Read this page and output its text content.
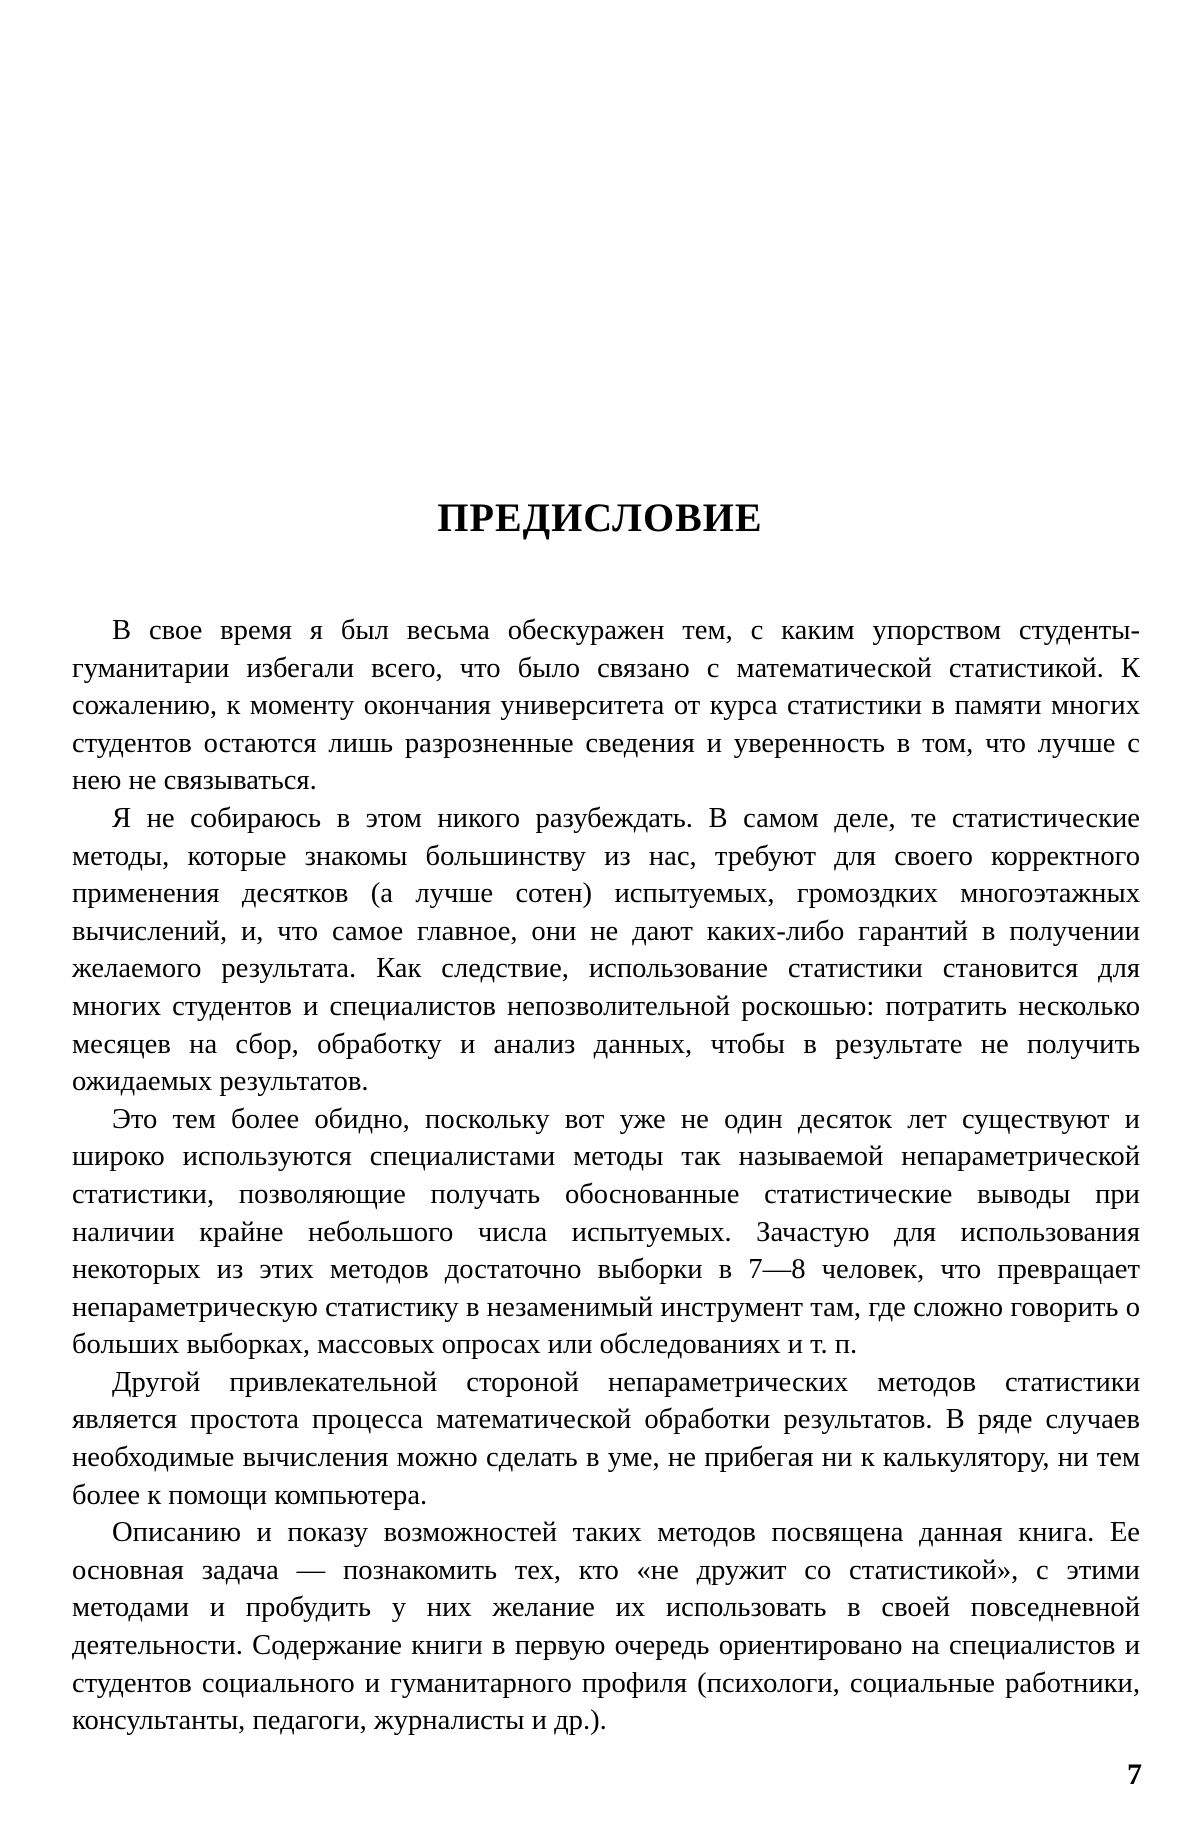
ПРЕДИСЛОВИЕ

В свое время я был весьма обескуражен тем, с каким упорством студенты-гуманитарии избегали всего, что было связано с математической статистикой. К сожалению, к моменту окончания университета от курса статистики в памяти многих студентов остаются лишь разрозненные сведения и уверенность в том, что лучше с нею не связываться.

Я не собираюсь в этом никого разубеждать. В самом деле, те статистические методы, которые знакомы большинству из нас, требуют для своего корректного применения десятков (а лучше сотен) испытуемых, громоздких многоэтажных вычислений, и, что самое главное, они не дают каких-либо гарантий в получении желаемого результата. Как следствие, использование статистики становится для многих студентов и специалистов непозволительной роскошью: потратить несколько месяцев на сбор, обработку и анализ данных, чтобы в результате не получить ожидаемых результатов.

Это тем более обидно, поскольку вот уже не один десяток лет существуют и широко используются специалистами методы так называемой непараметрической статистики, позволяющие получать обоснованные статистические выводы при наличии крайне небольшого числа испытуемых. Зачастую для использования некоторых из этих методов достаточно выборки в 7—8 человек, что превращает непараметрическую статистику в незаменимый инструмент там, где сложно говорить о больших выборках, массовых опросах или обследованиях и т. п.

Другой привлекательной стороной непараметрических методов статистики является простота процесса математической обработки результатов. В ряде случаев необходимые вычисления можно сделать в уме, не прибегая ни к калькулятору, ни тем более к помощи компьютера.

Описанию и показу возможностей таких методов посвящена данная книга. Ее основная задача — познакомить тех, кто «не дружит со статистикой», с этими методами и пробудить у них желание их использовать в своей повседневной деятельности. Содержание книги в первую очередь ориентировано на специалистов и студентов социального и гуманитарного профиля (психологи, социальные работники, консультанты, педагоги, журналисты и др.).

7
